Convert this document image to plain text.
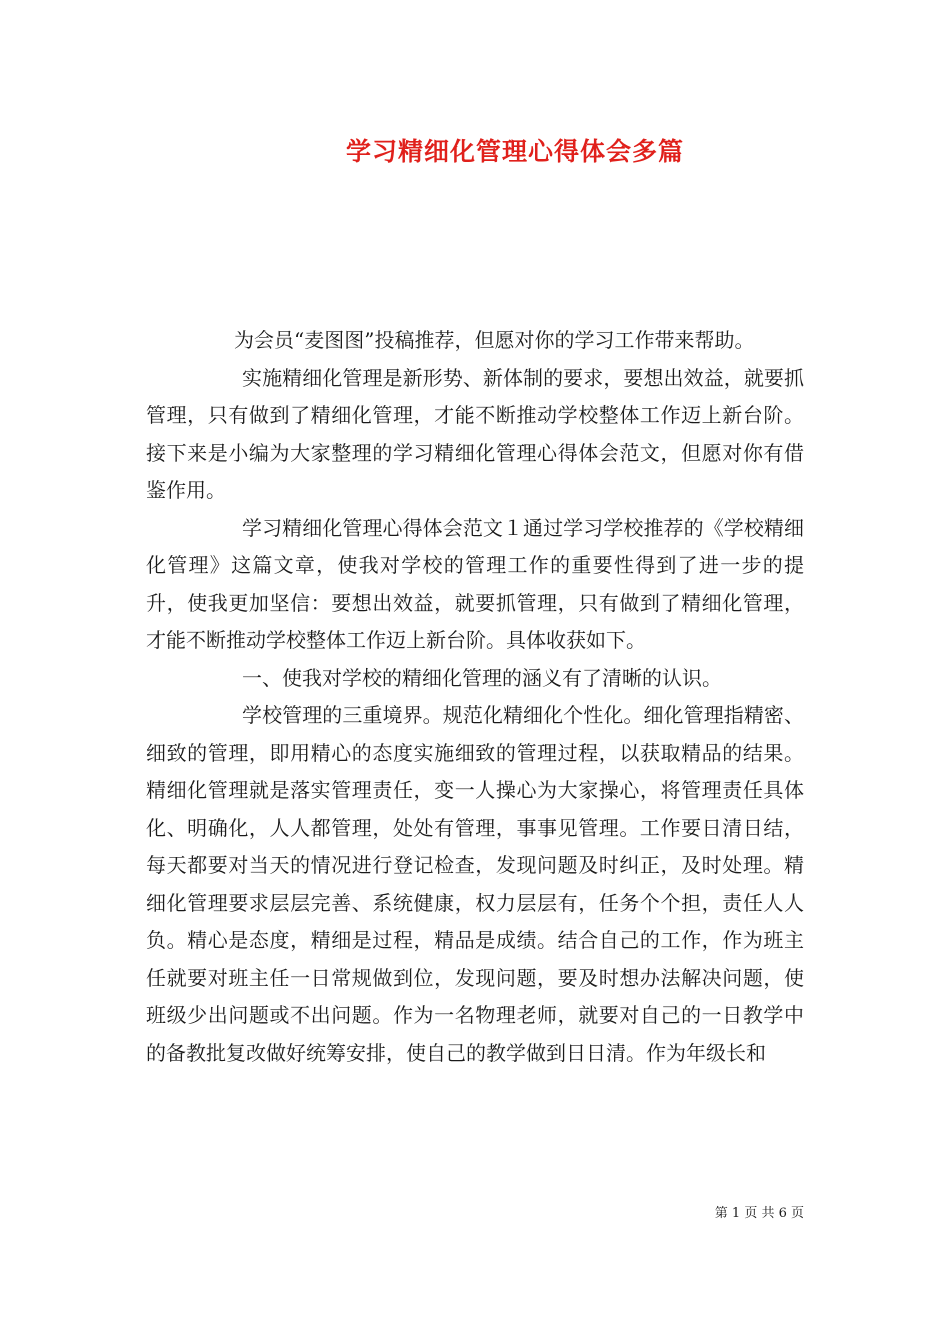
学习精细化管理心得体会多篇

为会员“麦图图”投稿推荐，但愿对你的学习工作带来帮助。

实施精细化管理是新形势、新体制的要求，要想出效益，就要抓管理，只有做到了精细化管理，才能不断推动学校整体工作迈上新台阶。接下来是小编为大家整理的学习精细化管理心得体会范文，但愿对你有借鉴作用。

学习精细化管理心得体会范文１通过学习学校推荐的《学校精细化管理》这篇文章，使我对学校的管理工作的重要性得到了进一步的提升，使我更加坚信：要想出效益，就要抓管理，只有做到了精细化管理，才能不断推动学校整体工作迈上新台阶。具体收获如下。

一、使我对学校的精细化管理的涵义有了清晰的认识。

学校管理的三重境界。规范化精细化个性化。细化管理指精密、细致的管理，即用精心的态度实施细致的管理过程，以获取精品的结果。精细化管理就是落实管理责任，变一人操心为大家操心，将管理责任具体化、明确化，人人都管理，处处有管理，事事见管理。工作要日清日结，每天都要对当天的情况进行登记检查，发现问题及时纠正，及时处理。精细化管理要求层层完善、系统健康，权力层层有，任务个个担，责任人人负。精心是态度，精细是过程，精品是成绩。结合自己的工作，作为班主任就要对班主任一日常规做到位，发现问题，要及时想办法解决问题，使班级少出问题或不出问题。作为一名物理老师，就要对自己的一日教学中的备教批复改做好统筹安排，使自己的教学做到日日清。作为年级长和

第 1 页 共 6 页
